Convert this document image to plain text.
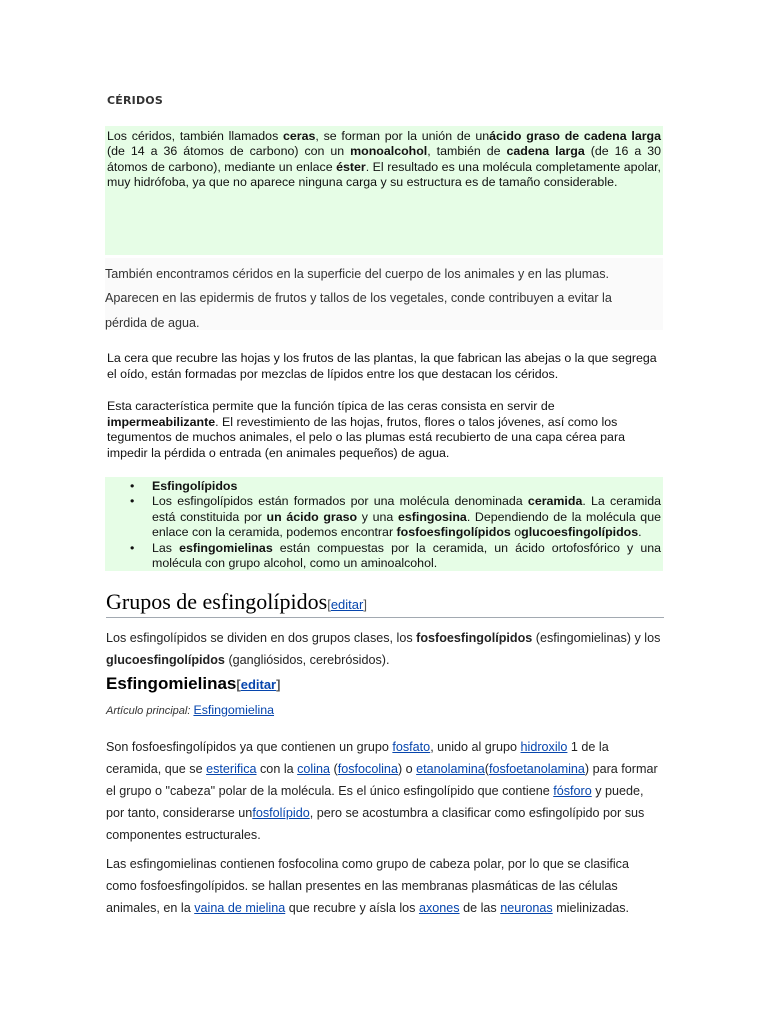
CÉRIDOS

Los céridos, también llamados ceras, se forman por la unión de unácido graso de cadena larga (de 14 a 36 átomos de carbono) con un monoalcohol, también de cadena larga (de 16 a 30 átomos de carbono), mediante un enlace éster. El resultado es una molécula completamente apolar, muy hidrófoba, ya que no aparece ninguna carga y su estructura es de tamaño considerable.

También encontramos céridos en la superficie del cuerpo de los animales y en las plumas.
Aparecen en las epidermis de frutos y tallos de los vegetales, conde contribuyen a evitar la
pérdida de agua.

La cera que recubre las hojas y los frutos de las plantas, la que fabrican las abejas o la que segrega el oído, están formadas por mezclas de lípidos entre los que destacan los céridos.

Esta característica permite que la función típica de las ceras consista en servir de impermeabilizante. El revestimiento de las hojas, frutos, flores o talos jóvenes, así como los tegumentos de muchos animales, el pelo o las plumas está recubierto de una capa cérea para impedir la pérdida o entrada (en animales pequeños) de agua.

• Esfingolípidos
• Los esfingolípidos están formados por una molécula denominada ceramida. La ceramida está constituida por un ácido graso y una esfingosina. Dependiendo de la molécula que enlace con la ceramida, podemos encontrar fosfoesfingolípidos oglucoesfingolípidos.
• Las esfingomielinas están compuestas por la ceramida, un ácido ortofosfórico y una molécula con grupo alcohol, como un aminoalcohol.
Grupos de esfingolípidos[editar]

Los esfingolípidos se dividen en dos grupos clases, los fosfoesfingolípidos (esfingomielinas) y los glucoesfingolípidos (gangliósidos, cerebrósidos).

Esfingomielinas[editar]
Artículo principal: Esfingomielina

Son fosfoesfingolípidos ya que contienen un grupo fosfato, unido al grupo hidroxilo 1 de la ceramida, que se esterifica con la colina (fosfocolina) o etanolamina(fosfoetanolamina) para formar el grupo o "cabeza" polar de la molécula. Es el único esfingolípido que contiene fósforo y puede, por tanto, considerarse unfosfolípido, pero se acostumbra a clasificar como esfingolípido por sus componentes estructurales.

Las esfingomielinas contienen fosfocolina como grupo de cabeza polar, por lo que se clasifica como fosfoesfingolípidos. se hallan presentes en las membranas plasmáticas de las células animales, en la vaina de mielina que recubre y aísla los axones de las neuronas mielinizadas.
